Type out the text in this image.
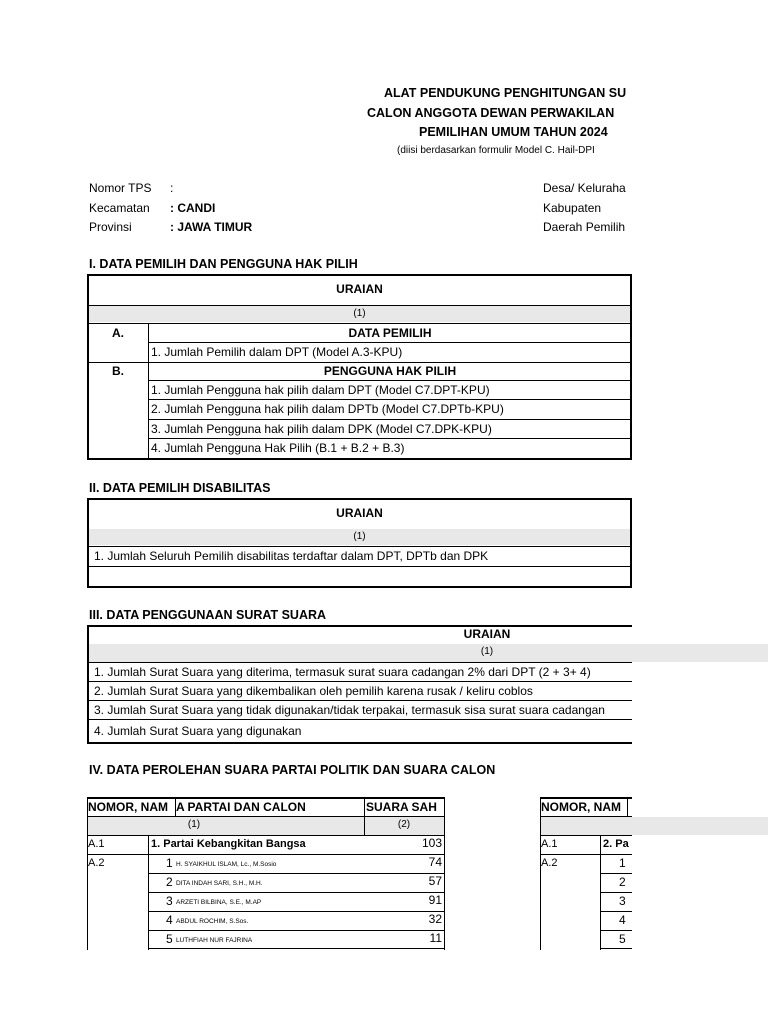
ALAT PENDUKUNG PENGHITUNGAN SU
CALON ANGGOTA DEWAN PERWAKILAN
PEMILIHAN UMUM TAHUN 2024
(diisi berdasarkan formulir Model C. Hail-DPI
Nomor TPS :
Kecamatan : CANDI
Provinsi	: JAWA TIMUR
Desa/ Keluraha
Kabupaten
Daerah Pemilih
I. DATA PEMILIH DAN PENGGUNA HAK PILIH
URAIAN
(1)
A.	DATA PEMILIH
1. Jumlah Pemilih dalam DPT (Model A.3-KPU)
B.	PENGGUNA HAK PILIH
1. Jumlah Pengguna hak pilih dalam DPT (Model C7.DPT-KPU)
2. Jumlah Pengguna hak pilih dalam DPTb (Model C7.DPTb-KPU)
3. Jumlah Pengguna hak pilih dalam DPK (Model C7.DPK-KPU)
4. Jumlah Pengguna Hak Pilih (B.1 + B.2 + B.3)
II. DATA PEMILIH DISABILITAS
URAIAN
(1)
1. Jumlah Seluruh Pemilih disabilitas terdaftar dalam DPT, DPTb dan DPK
III. DATA PENGGUNAAN SURAT SUARA
URAIAN
(1)
1. Jumlah Surat Suara yang diterima, termasuk surat suara cadangan 2% dari DPT (2 + 3+ 4)
2. Jumlah Surat Suara yang dikembalikan oleh pemilih karena rusak / keliru coblos
3. Jumlah Surat Suara yang tidak digunakan/tidak terpakai, termasuk sisa surat suara cadangan
4. Jumlah Surat Suara yang digunakan
IV. DATA PEROLEHAN SUARA PARTAI POLITIK DAN SUARA CALON
NOMOR, NAM A PARTAI DAN CALON	SUARA SAH
(1)	(2)
A.1	1. Partai Kebangkitan Bangsa	103
A.2	1 H. SYAIKHUL ISLAM, Lc., M.Sosio	74
2 DITA INDAH SARI, S.H., M.H.	57
3 ARZETI BILBINA, S.E., M.AP	91
4 ABDUL ROCHIM, S.Sos.	32
5 LUTHFIAH NUR FAJRINA	11
NOMOR, NAM
A.1	2. Pa
A.2	1
2
3
4
5
